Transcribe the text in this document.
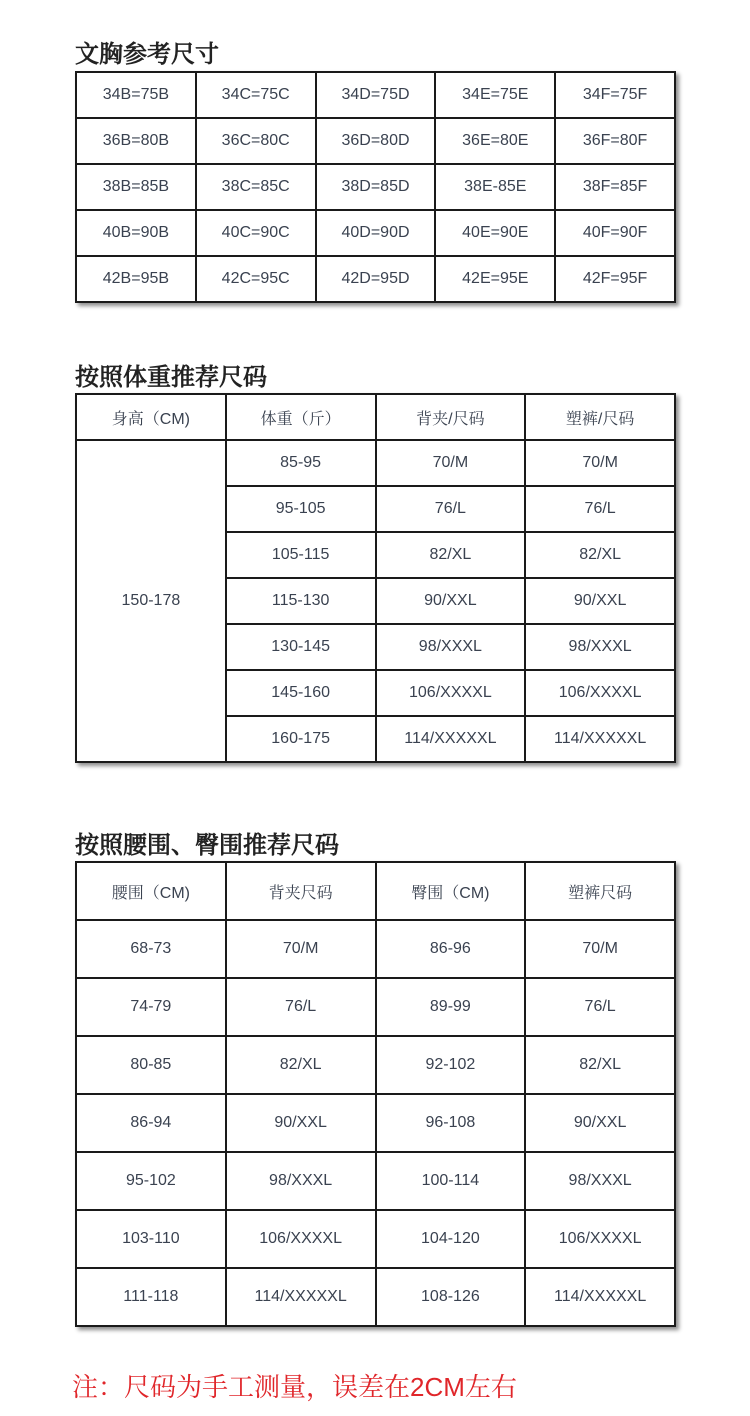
文胸参考尺寸
34B=75B	34C=75C	34D=75D	34E=75E	34F=75F
36B=80B	36C=80C	36D=80D	36E=80E	36F=80F
38B=85B	38C=85C	38D=85D	38E-85E	38F=85F
40B=90B	40C=90C	40D=90D	40E=90E	40F=90F
42B=95B	42C=95C	42D=95D	42E=95E	42F=95F
按照体重推荐尺码
身高（CM)	体重（斤）	背夹/尺码	塑裤/尺码
150-178	85-95	70/M	70/M
	95-105	76/L	76/L
	105-115	82/XL	82/XL
	115-130	90/XXL	90/XXL
	130-145	98/XXXL	98/XXXL
	145-160	106/XXXXL	106/XXXXL
	160-175	114/XXXXXL	114/XXXXXL
按照腰围、臀围推荐尺码
腰围（CM)	背夹尺码	臀围（CM)	塑裤尺码
68-73	70/M	86-96	70/M
74-79	76/L	89-99	76/L
80-85	82/XL	92-102	82/XL
86-94	90/XXL	96-108	90/XXL
95-102	98/XXXL	100-114	98/XXXL
103-110	106/XXXXL	104-120	106/XXXXL
111-118	114/XXXXXL	108-126	114/XXXXXL

注：尺码为手工测量，误差在2CM左右
